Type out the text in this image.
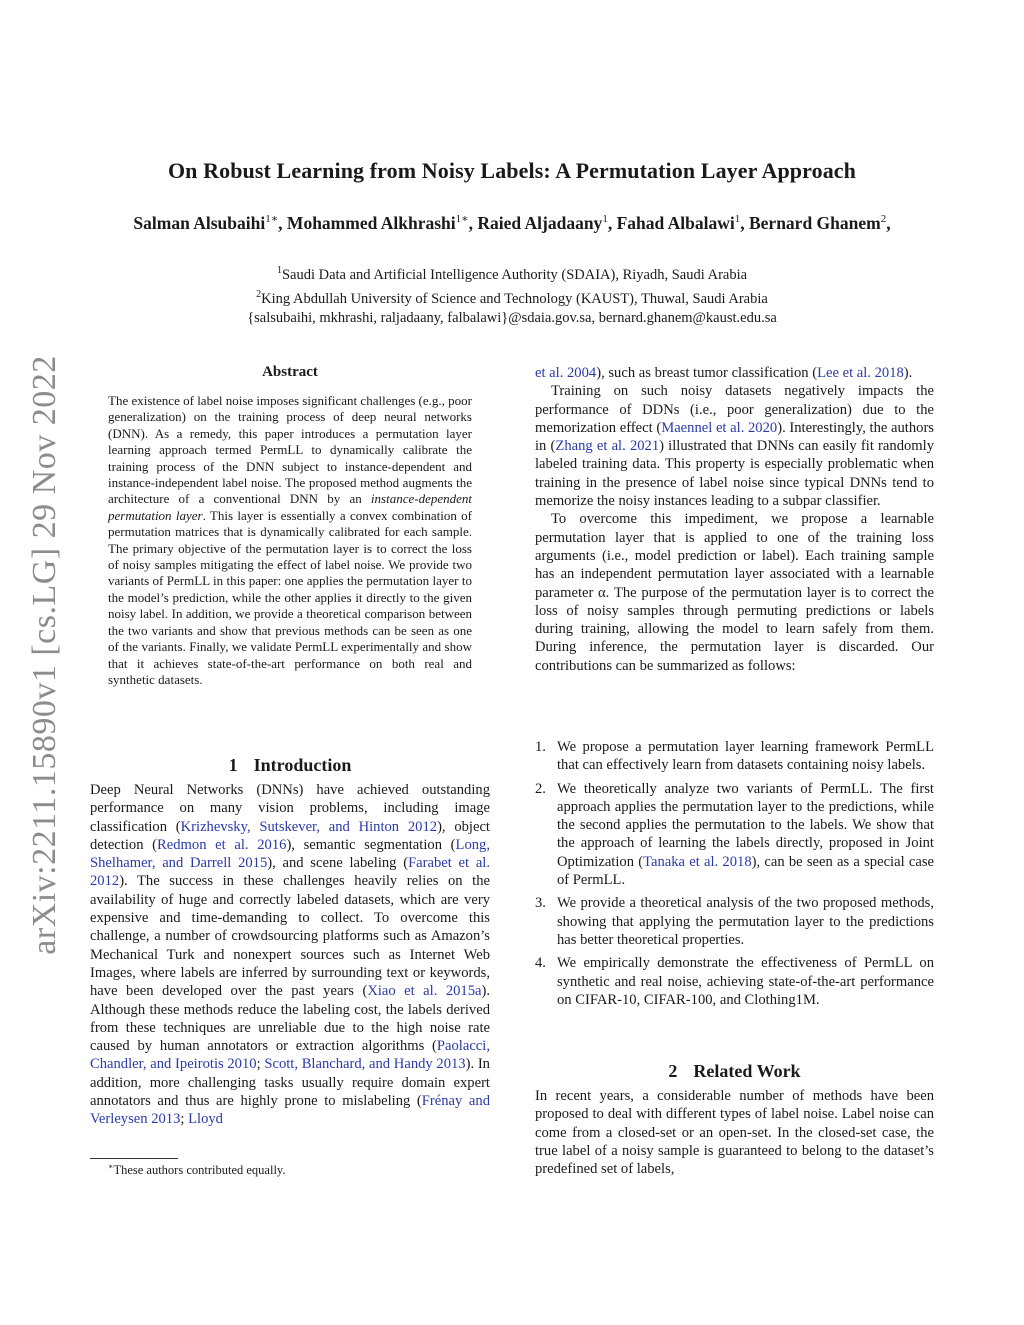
arXiv:2211.15890v1 [cs.LG] 29 Nov 2022
On Robust Learning from Noisy Labels: A Permutation Layer Approach
Salman Alsubaihi$^{1∗}$, Mohammed Alkhrashi$^{1∗}$, Raied Aljadaany$^1$, Fahad Albalawi$^1$, Bernard Ghanem$^2$,
$^1$Saudi Data and Artificial Intelligence Authority (SDAIA), Riyadh, Saudi Arabia
$^2$King Abdullah University of Science and Technology (KAUST), Thuwal, Saudi Arabia
{salsubaihi, mkhrashi, raljadaany, falbalawi}@sdaia.gov.sa, bernard.ghanem@kaust.edu.sa
Abstract
The existence of label noise imposes significant challenges (e.g., poor generalization) on the training process of deep neural networks (DNN). As a remedy, this paper introduces a permutation layer learning approach termed PermLL to dynamically calibrate the training process of the DNN subject to instance-dependent and instance-independent label noise. The proposed method augments the architecture of a conventional DNN by an instance-dependent permutation layer. This layer is essentially a convex combination of permutation matrices that is dynamically calibrated for each sample. The primary objective of the permutation layer is to correct the loss of noisy samples mitigating the effect of label noise. We provide two variants of PermLL in this paper: one applies the permutation layer to the model’s prediction, while the other applies it directly to the given noisy label. In addition, we provide a theoretical comparison between the two variants and show that previous methods can be seen as one of the variants. Finally, we validate PermLL experimentally and show that it achieves state-of-the-art performance on both real and synthetic datasets.
1 Introduction

Deep Neural Networks (DNNs) have achieved outstanding performance on many vision problems, including image classification (Krizhevsky, Sutskever, and Hinton 2012), object detection (Redmon et al. 2016), semantic segmentation (Long, Shelhamer, and Darrell 2015), and scene labeling (Farabet et al. 2012). The success in these challenges heavily relies on the availability of huge and correctly labeled datasets, which are very expensive and time-demanding to collect. To overcome this challenge, a number of crowdsourcing platforms such as Amazon’s Mechanical Turk and nonexpert sources such as Internet Web Images, where labels are inferred by surrounding text or keywords, have been developed over the past years (Xiao et al. 2015a). Although these methods reduce the labeling cost, the labels derived from these techniques are unreliable due to the high noise rate caused by human annotators or extraction algorithms (Paolacci, Chandler, and Ipeirotis 2010; Scott, Blanchard, and Handy 2013). In addition, more challenging tasks usually require domain expert annotators and thus are highly prone to mislabeling (Frénay and Verleysen 2013; Lloyd

∗These authors contributed equally.

et al. 2004), such as breast tumor classification (Lee et al. 2018).

Training on such noisy datasets negatively impacts the performance of DDNs (i.e., poor generalization) due to the memorization effect (Maennel et al. 2020). Interestingly, the authors in (Zhang et al. 2021) illustrated that DNNs can easily fit randomly labeled training data. This property is especially problematic when training in the presence of label noise since typical DNNs tend to memorize the noisy instances leading to a subpar classifier.

To overcome this impediment, we propose a learnable permutation layer that is applied to one of the training loss arguments (i.e., model prediction or label). Each training sample has an independent permutation layer associated with a learnable parameter α. The purpose of the permutation layer is to correct the loss of noisy samples through permuting predictions or labels during training, allowing the model to learn safely from them. During inference, the permutation layer is discarded. Our contributions can be summarized as follows:

1. We propose a permutation layer learning framework PermLL that can effectively learn from datasets containing noisy labels.
2. We theoretically analyze two variants of PermLL. The first approach applies the permutation layer to the predictions, while the second applies the permutation to the labels. We show that the approach of learning the labels directly, proposed in Joint Optimization (Tanaka et al. 2018), can be seen as a special case of PermLL.
3. We provide a theoretical analysis of the two proposed methods, showing that applying the permutation layer to the predictions has better theoretical properties.
4. We empirically demonstrate the effectiveness of PermLL on synthetic and real noise, achieving state-of-the-art performance on CIFAR-10, CIFAR-100, and Clothing1M.
2 Related Work

In recent years, a considerable number of methods have been proposed to deal with different types of label noise. Label noise can come from a closed-set or an open-set. In the closed-set case, the true label of a noisy sample is guaranteed to belong to the dataset’s predefined set of labels,
